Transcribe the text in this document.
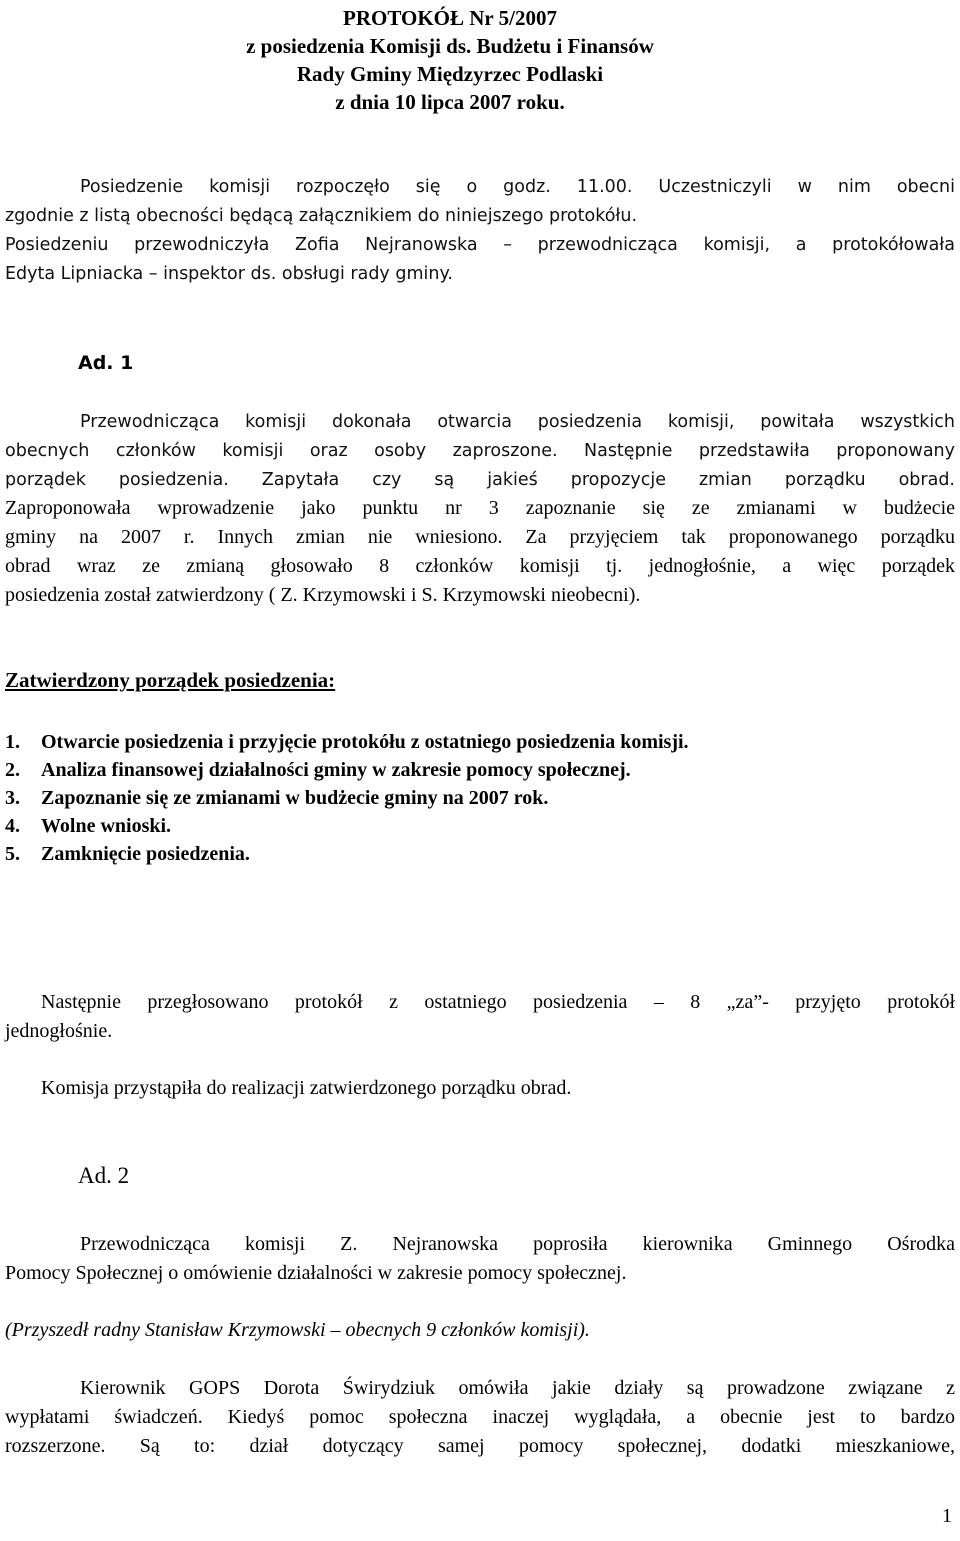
PROTOKÓŁ Nr 5/2007
z posiedzenia Komisji ds. Budżetu i Finansów
Rady Gminy Międzyrzec Podlaski
z dnia 10 lipca 2007 roku.
Posiedzenie komisji rozpoczęło się o godz. 11.00. Uczestniczyli w nim obecni
zgodnie z listą obecności będącą załącznikiem do niniejszego protokółu.
Posiedzeniu przewodniczyła Zofia Nejranowska – przewodnicząca komisji, a protokółowała
Edyta Lipniacka – inspektor ds. obsługi rady gminy.
Ad. 1
Przewodnicząca komisji dokonała otwarcia posiedzenia komisji, powitała wszystkich
obecnych członków komisji oraz osoby zaproszone. Następnie przedstawiła proponowany
porządek posiedzenia. Zapytała czy są jakieś propozycje zmian porządku obrad.
Zaproponowała wprowadzenie jako punktu nr 3 zapoznanie się ze zmianami w budżecie
gminy na 2007 r. Innych zmian nie wniesiono. Za przyjęciem tak proponowanego porządku
obrad wraz ze zmianą głosowało 8 członków komisji tj. jednogłośnie, a więc porządek
posiedzenia został zatwierdzony ( Z. Krzymowski i S. Krzymowski nieobecni).
Zatwierdzony porządek posiedzenia:
1.	Otwarcie posiedzenia i przyjęcie protokółu z ostatniego posiedzenia komisji.
2.	Analiza finansowej działalności gminy w zakresie pomocy społecznej.
3.	Zapoznanie się ze zmianami w budżecie gminy na 2007 rok.
4.	Wolne wnioski.
5.	Zamknięcie posiedzenia.
Następnie przegłosowano protokół z ostatniego posiedzenia – 8 „za”- przyjęto protokół
jednogłośnie.
Komisja przystąpiła do realizacji zatwierdzonego porządku obrad.
Ad. 2
Przewodnicząca komisji Z. Nejranowska poprosiła kierownika Gminnego Ośrodka
Pomocy Społecznej o omówienie działalności w zakresie pomocy społecznej.
(Przyszedł radny Stanisław Krzymowski – obecnych 9 członków komisji).
Kierownik GOPS Dorota Świrydziuk omówiła jakie działy są prowadzone związane z
wypłatami świadczeń. Kiedyś pomoc społeczna inaczej wyglądała, a obecnie jest to bardzo
rozszerzone. Są to: dział dotyczący samej pomocy społecznej, dodatki mieszkaniowe,
1
